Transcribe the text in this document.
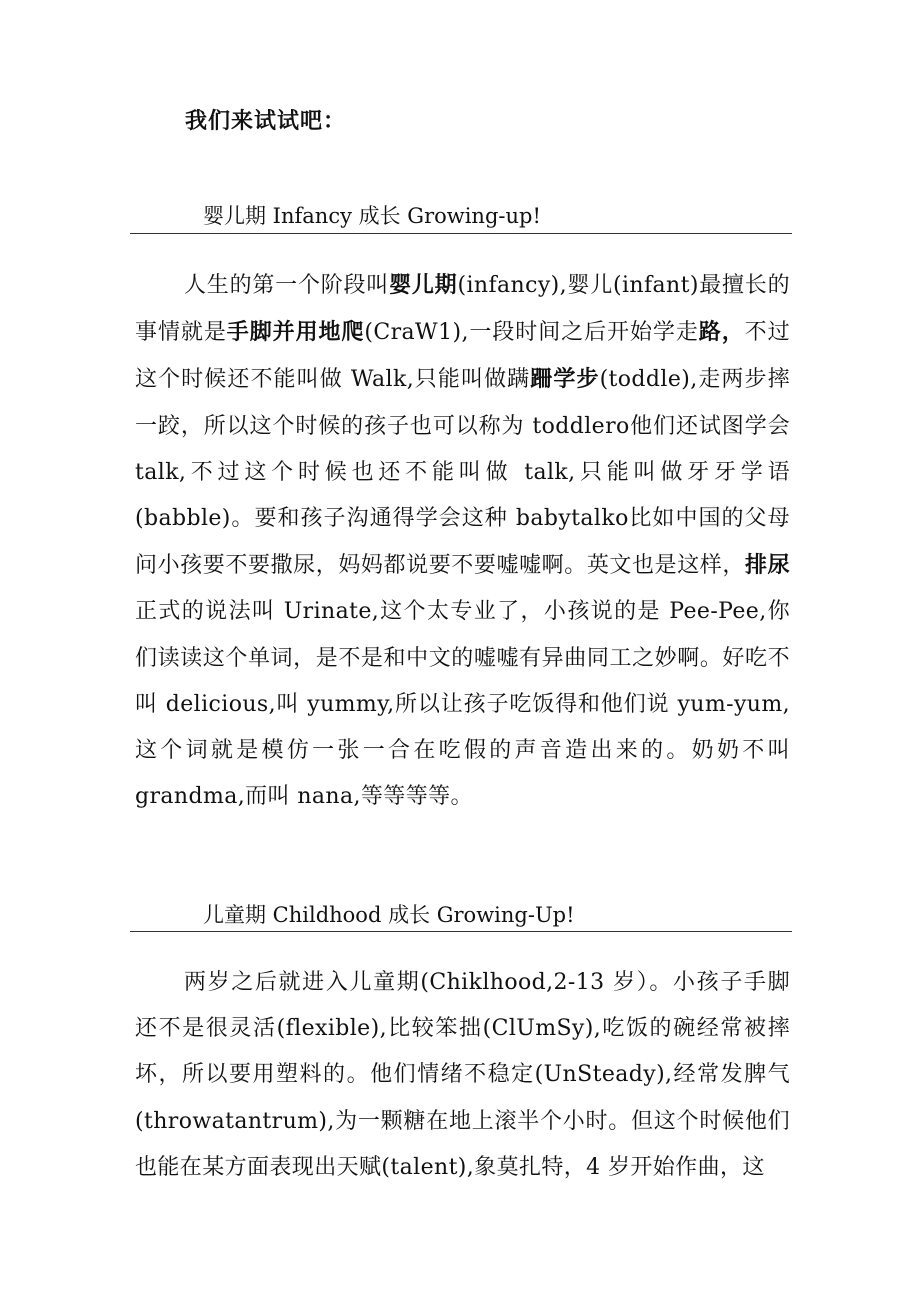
我们来试试吧：

婴儿期 Infancy 成长 Growing-up!

人生的第一个阶段叫婴儿期(infancy),婴儿(infant)最擅长的事情就是手脚并用地爬(CraW1),一段时间之后开始学走路，不过这个时候还不能叫做 Walk,只能叫做蹒跚学步(toddle),走两步摔一跤，所以这个时候的孩子也可以称为 toddlero他们还试图学会 talk,不过这个时候也还不能叫做 talk,只能叫做牙牙学语(babble)。要和孩子沟通得学会这种 babytalko比如中国的父母问小孩要不要撒尿，妈妈都说要不要嘘嘘啊。英文也是这样，排尿正式的说法叫 Urinate,这个太专业了，小孩说的是 Pee-Pee,你们读读这个单词，是不是和中文的嘘嘘有异曲同工之妙啊。好吃不叫 delicious,叫 yummy,所以让孩子吃饭得和他们说 yum-yum,这个词就是模仿一张一合在吃假的声音造出来的。奶奶不叫 grandma,而叫 nana,等等等等。

儿童期 Childhood 成长 Growing-Up!

两岁之后就进入儿童期(Chiklhood,2-13 岁）。小孩子手脚还不是很灵活(flexible),比较笨拙(ClUmSy),吃饭的碗经常被摔坏，所以要用塑料的。他们情绪不稳定(UnSteady),经常发脾气(throwatantrum),为一颗糖在地上滚半个小时。但这个时候他们也能在某方面表现出天赋(talent),象莫扎特，4 岁开始作曲，这
